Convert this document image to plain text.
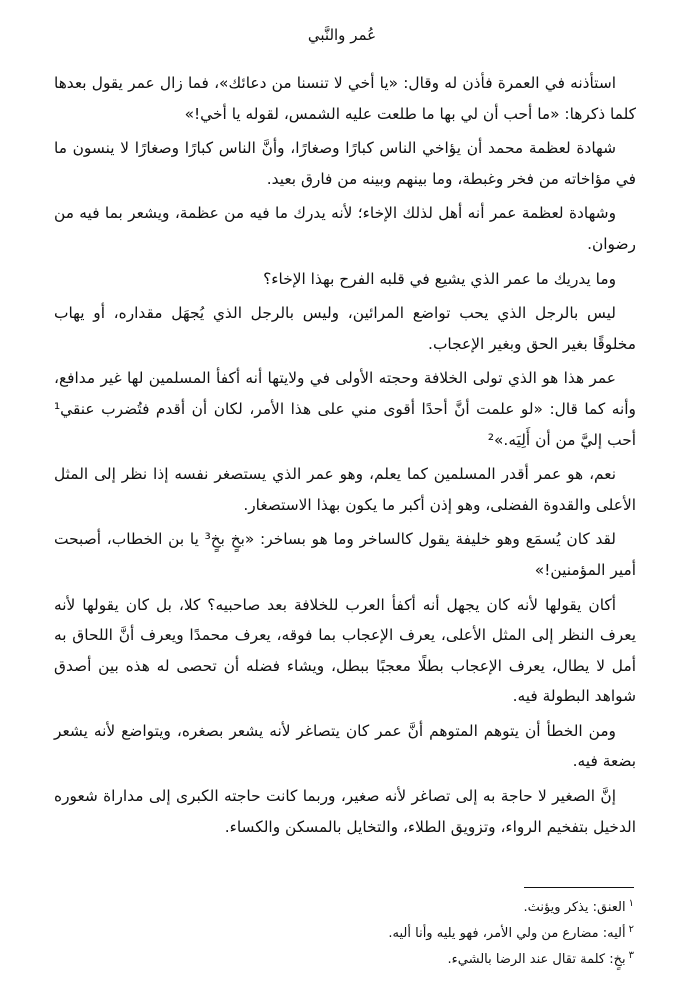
عُمر والنَّبي

استأذنه في العمرة فأذن له وقال: «يا أخي لا تنسنا من دعائك»، فما زال عمر يقول بعدها كلما ذكرها: «ما أحب أن لي بها ما طلعت عليه الشمس، لقوله يا أخي!»

شهادة لعظمة محمد أن يؤاخي الناس كبارًا وصغارًا، وأنَّ الناس كبارًا وصغارًا لا ينسون ما في مؤاخاته من فخر وغبطة، وما بينهم وبينه من فارق بعيد.

وشهادة لعظمة عمر أنه أهل لذلك الإخاء؛ لأنه يدرك ما فيه من عظمة، ويشعر بما فيه من رضوان.

وما يدريك ما عمر الذي يشيع في قلبه الفرح بهذا الإخاء؟

ليس بالرجل الذي يحب تواضع المرائين، وليس بالرجل الذي يُجهَل مقداره، أو يهاب مخلوقًا بغير الحق وبغير الإعجاب.

عمر هذا هو الذي تولى الخلافة وحجته الأولى في ولايتها أنه أكفأ المسلمين لها غير مدافع، وأنه كما قال: «لو علمت أنَّ أحدًا أقوى مني على هذا الأمر، لكان أن أقدم فتُضرب عنقي¹ أحب إليَّ من أن أَلِيَه.»²

نعم، هو عمر أقدر المسلمين كما يعلم، وهو عمر الذي يستصغر نفسه إذا نظر إلى المثل الأعلى والقدوة الفضلى، وهو إذن أكبر ما يكون بهذا الاستصغار.

لقد كان يُسمَع وهو خليفة يقول كالساخر وما هو بساخر: «بخٍ بخٍ³ يا بن الخطاب، أصبحت أمير المؤمنين!»

أكان يقولها لأنه كان يجهل أنه أكفأ العرب للخلافة بعد صاحبيه؟ كلا، بل كان يقولها لأنه يعرف النظر إلى المثل الأعلى، يعرف الإعجاب بما فوقه، يعرف محمدًا ويعرف أنَّ اللحاق به أمل لا يطال، يعرف الإعجاب بطلًا معجبًا ببطل، ويشاء فضله أن تحصى له هذه بين أصدق شواهد البطولة فيه.

ومن الخطأ أن يتوهم المتوهم أنَّ عمر كان يتصاغر لأنه يشعر بصغره، ويتواضع لأنه يشعر بضعة فيه.

إنَّ الصغير لا حاجة به إلى تصاغر لأنه صغير، وربما كانت حاجته الكبرى إلى مداراة شعوره الدخيل بتفخيم الرواء، وتزويق الطلاء، والتخايل بالمسكن والكساء.

$^١$العنق: يذكر ويؤنث.

$^٢$أليه: مضارع من ولي الأمر، فهو يليه وأنا أليه.

$^٣$بخٍ: كلمة تقال عند الرضا بالشيء.
